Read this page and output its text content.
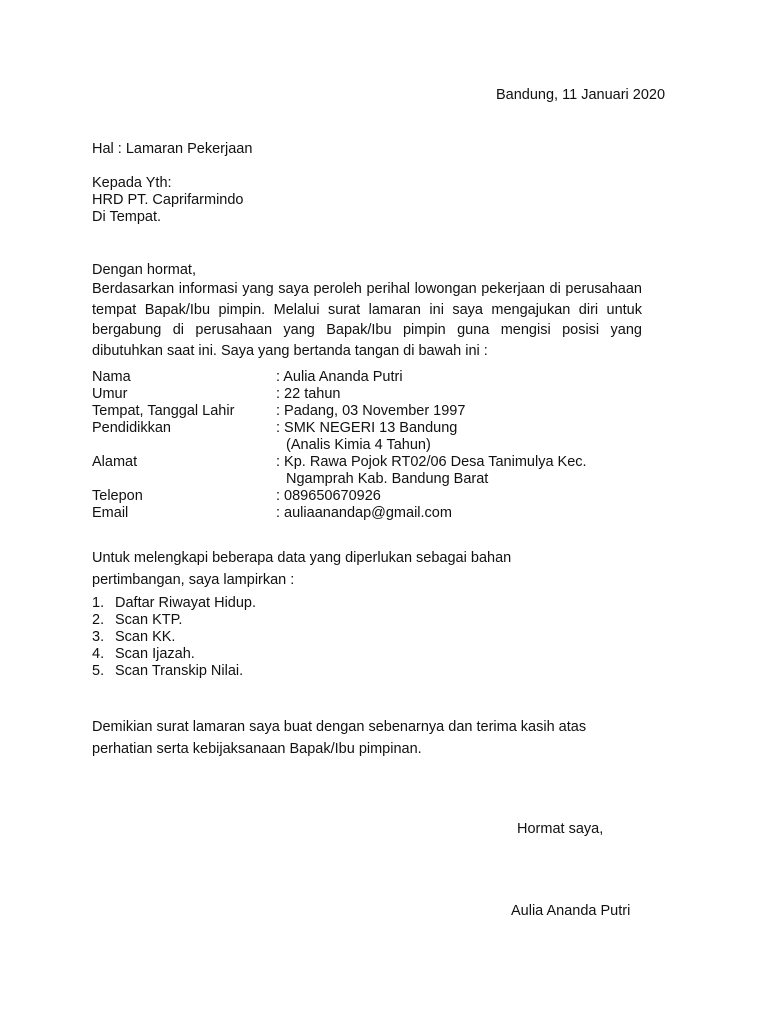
Bandung, 11 Januari 2020
Hal : Lamaran Pekerjaan
Kepada Yth:
HRD PT. Caprifarmindo
Di Tempat.
Dengan hormat,
Berdasarkan informasi yang saya peroleh perihal lowongan pekerjaan di perusahaan tempat Bapak/Ibu pimpin. Melalui surat lamaran ini saya mengajukan diri untuk bergabung di perusahaan yang Bapak/Ibu pimpin guna mengisi posisi yang dibutuhkan saat ini. Saya yang bertanda tangan di bawah ini :
Nama	: Aulia Ananda Putri
Umur	: 22 tahun
Tempat, Tanggal Lahir	: Padang, 03 November 1997
Pendidikkan	: SMK NEGERI 13 Bandung
(Analis Kimia 4 Tahun)
Alamat	: Kp. Rawa Pojok RT02/06 Desa Tanimulya Kec.
Ngamprah Kab. Bandung Barat
Telepon	: 089650670926
Email	: auliaanandap@gmail.com
Untuk melengkapi beberapa data yang diperlukan sebagai bahan pertimbangan, saya lampirkan :
1. Daftar Riwayat Hidup.
2. Scan KTP.
3. Scan KK.
4. Scan Ijazah.
5. Scan Transkip Nilai.
Demikian surat lamaran saya buat dengan sebenarnya dan terima kasih atas perhatian serta kebijaksanaan Bapak/Ibu pimpinan.
Hormat saya,
Aulia Ananda Putri
